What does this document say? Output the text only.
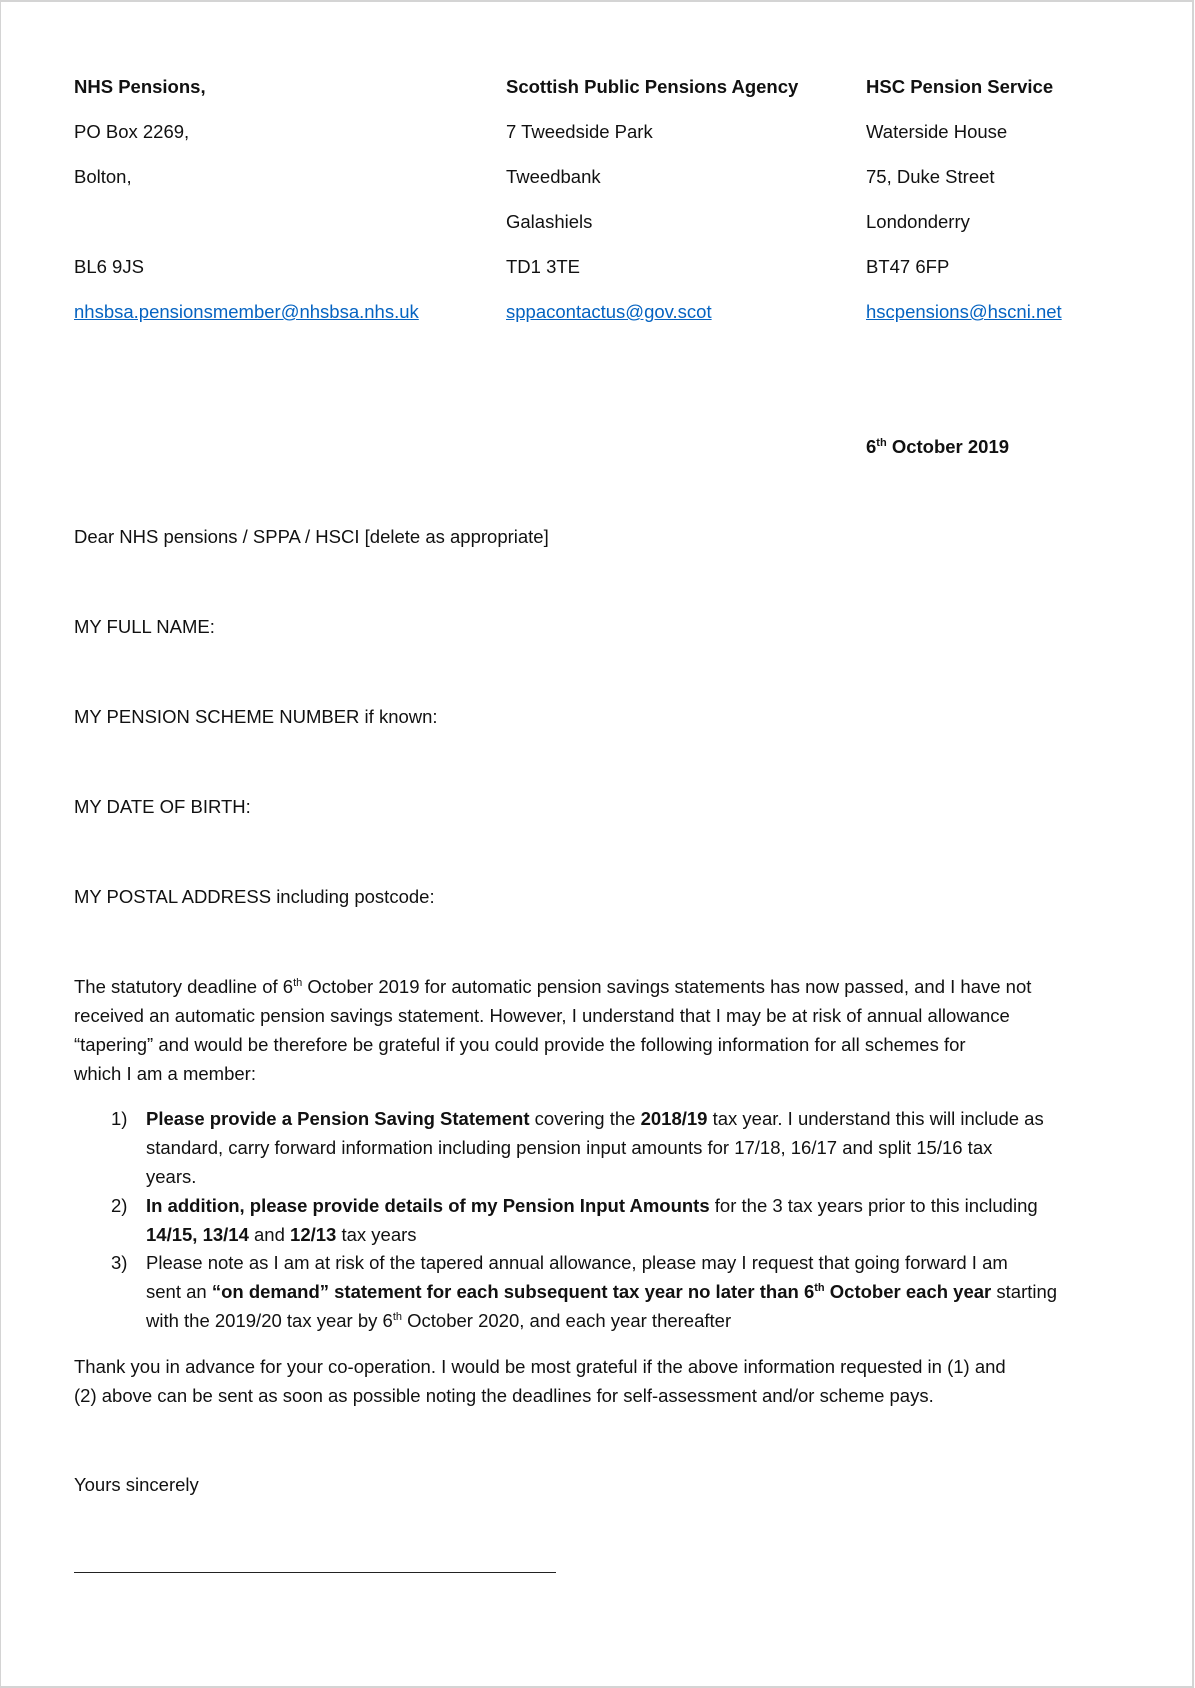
NHS Pensions,
PO Box 2269,
Bolton,
BL6 9JS
nhsbsa.pensionsmember@nhsbsa.nhs.uk
Scottish Public Pensions Agency
7 Tweedside Park
Tweedbank
Galashiels
TD1 3TE
sppacontactus@gov.scot
HSC Pension Service
Waterside House
75, Duke Street
Londonderry
BT47 6FP
hscpensions@hscni.net
6th October 2019
Dear NHS pensions / SPPA / HSCI [delete as appropriate]
MY FULL NAME:
MY PENSION SCHEME NUMBER if known:
MY DATE OF BIRTH:
MY POSTAL ADDRESS including postcode:
The statutory deadline of 6th October 2019 for automatic pension savings statements has now passed, and I have not
received an automatic pension savings statement. However, I understand that I may be at risk of annual allowance
“tapering” and would be therefore be grateful if you could provide the following information for all schemes for
which I am a member:
1) Please provide a Pension Saving Statement covering the 2018/19 tax year. I understand this will include as
standard, carry forward information including pension input amounts for 17/18, 16/17 and split 15/16 tax
years.
2) In addition, please provide details of my Pension Input Amounts for the 3 tax years prior to this including
14/15, 13/14 and 12/13 tax years
3) Please note as I am at risk of the tapered annual allowance, please may I request that going forward I am
sent an “on demand” statement for each subsequent tax year no later than 6th October each year starting
with the 2019/20 tax year by 6th October 2020, and each year thereafter
Thank you in advance for your co-operation. I would be most grateful if the above information requested in (1) and
(2) above can be sent as soon as possible noting the deadlines for self-assessment and/or scheme pays.
Yours sincerely
